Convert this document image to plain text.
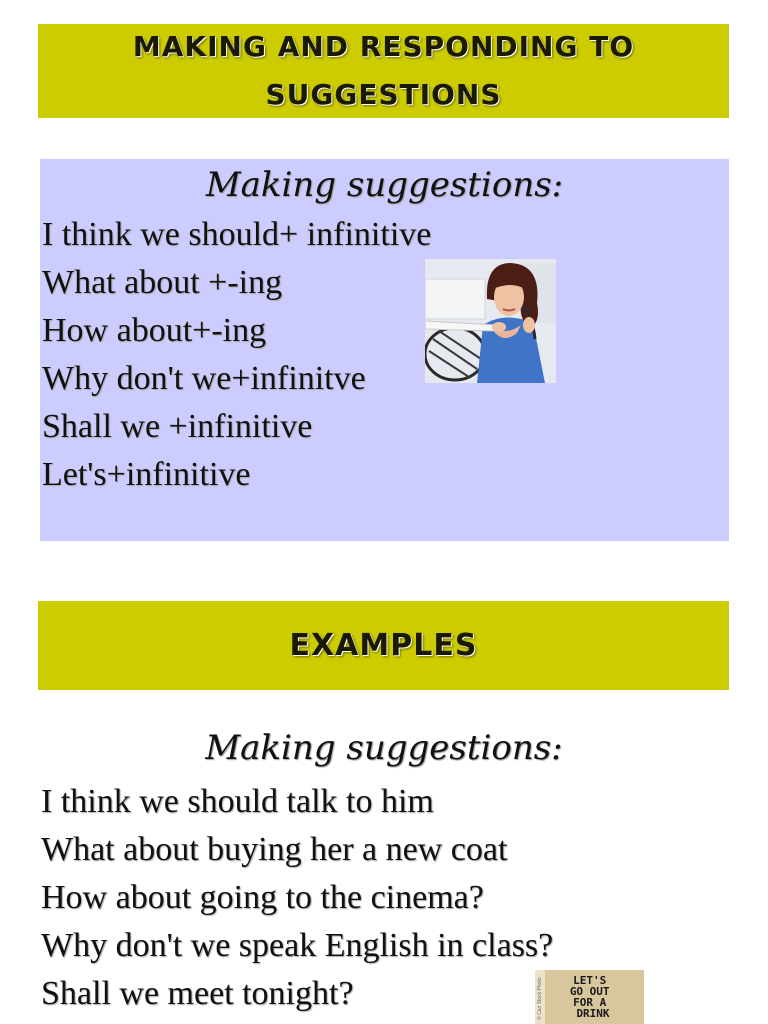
MAKING AND RESPONDING TO SUGGESTIONS

Making suggestions:

I think we should+ infinitive
What about +-ing
How about+-ing
Why don't we+infinitve
Shall we +infinitive
Let's+infinitive
EXAMPLES

Making suggestions:

I think we should talk to him
What about buying her a new coat
How about going to the cinema?
Why don't we speak English in class?
Shall we meet tonight?	© Can Stock Photo	LET'S GO OUT FOR A DRINK
